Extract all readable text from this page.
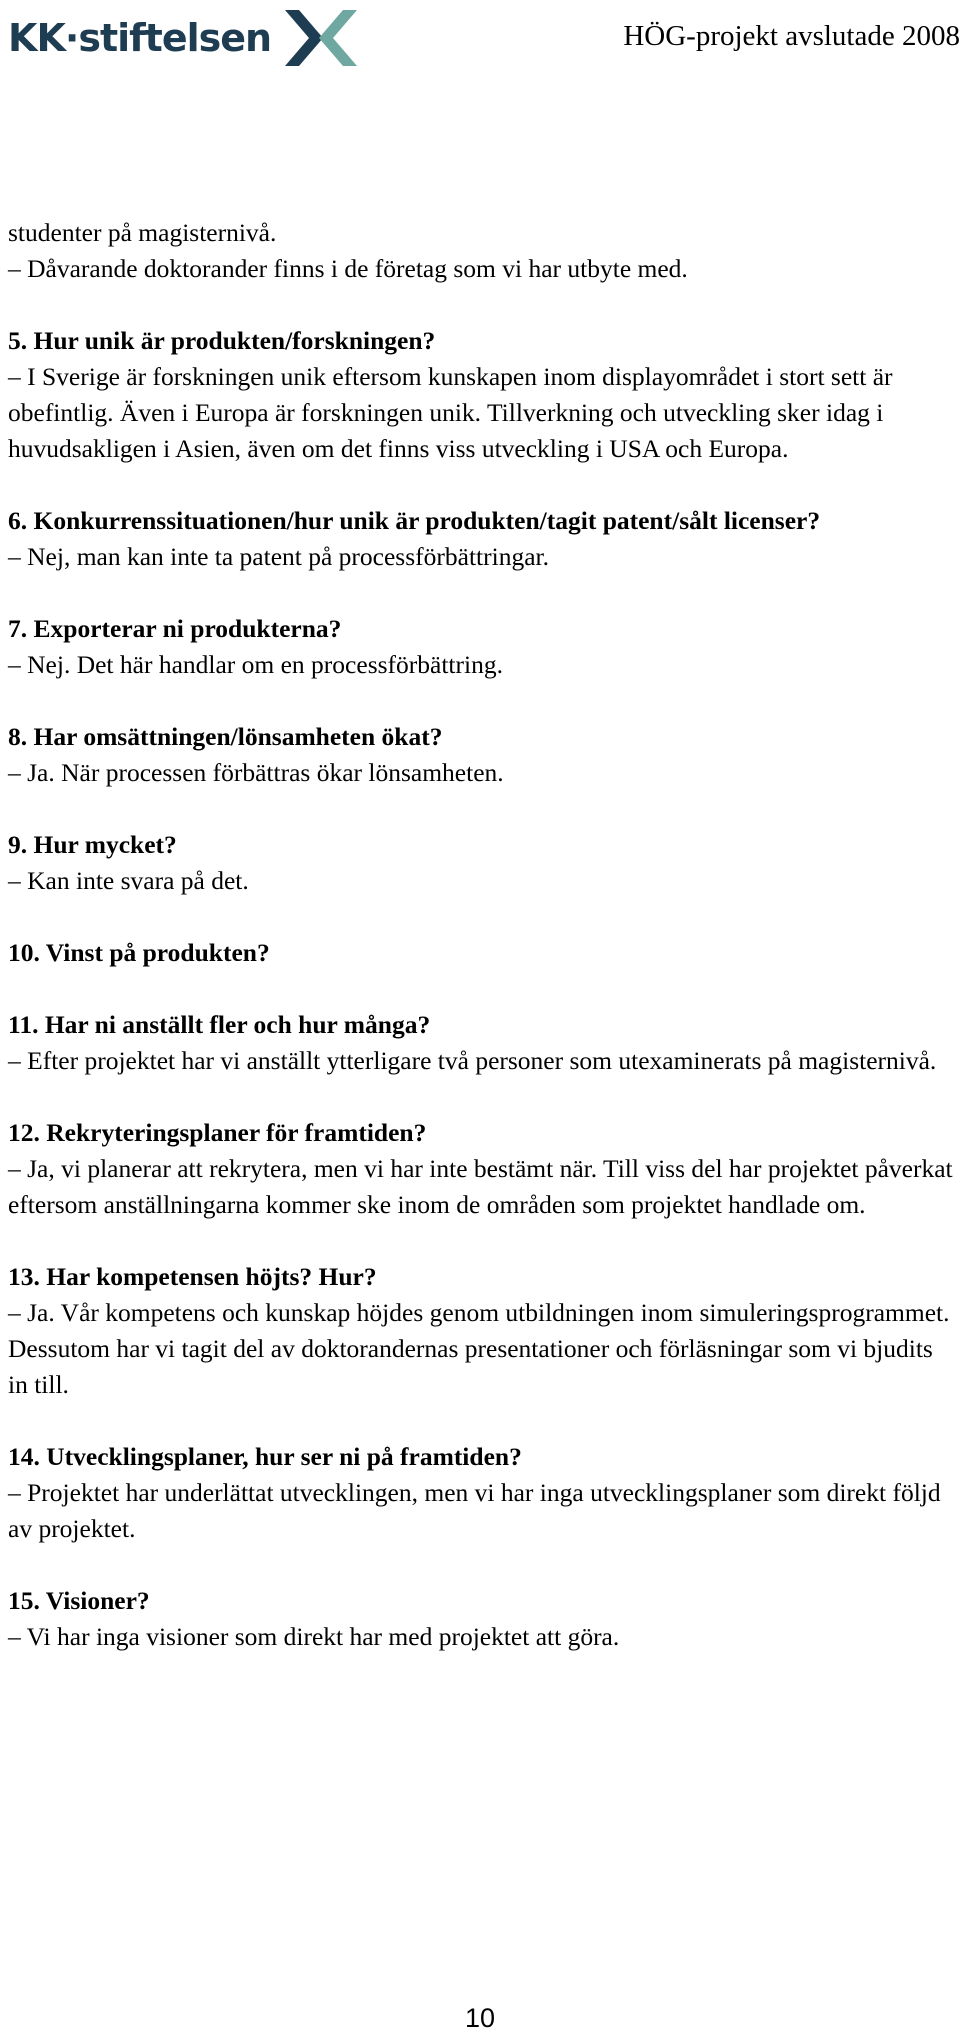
KK·stiftelsen	HÖG-projekt avslutade 2008

studenter på magisternivå.

– Dåvarande doktorander finns i de företag som vi har utbyte med.

5. Hur unik är produkten/forskningen?

– I Sverige är forskningen unik eftersom kunskapen inom displayområdet i stort sett är obefintlig. Även i Europa är forskningen unik. Tillverkning och utveckling sker idag i huvudsakligen i Asien, även om det finns viss utveckling i USA och Europa.

6. Konkurrenssituationen/hur unik är produkten/tagit patent/sålt licenser?

– Nej, man kan inte ta patent på processförbättringar.

7. Exporterar ni produkterna?

– Nej. Det här handlar om en processförbättring.

8. Har omsättningen/lönsamheten ökat?

– Ja. När processen förbättras ökar lönsamheten.

9. Hur mycket?

– Kan inte svara på det.

10. Vinst på produkten?

11. Har ni anställt fler och hur många?

– Efter projektet har vi anställt ytterligare två personer som utexaminerats på magisternivå.

12. Rekryteringsplaner för framtiden?

– Ja, vi planerar att rekrytera, men vi har inte bestämt när. Till viss del har projektet påverkat eftersom anställningarna kommer ske inom de områden som projektet handlade om.

13. Har kompetensen höjts? Hur?

– Ja. Vår kompetens och kunskap höjdes genom utbildningen inom simuleringsprogrammet. Dessutom har vi tagit del av doktorandernas presentationer och förläsningar som vi bjudits in till.

14. Utvecklingsplaner, hur ser ni på framtiden?

– Projektet har underlättat utvecklingen, men vi har inga utvecklingsplaner som direkt följd av projektet.

15. Visioner?

– Vi har inga visioner som direkt har med projektet att göra.

10
